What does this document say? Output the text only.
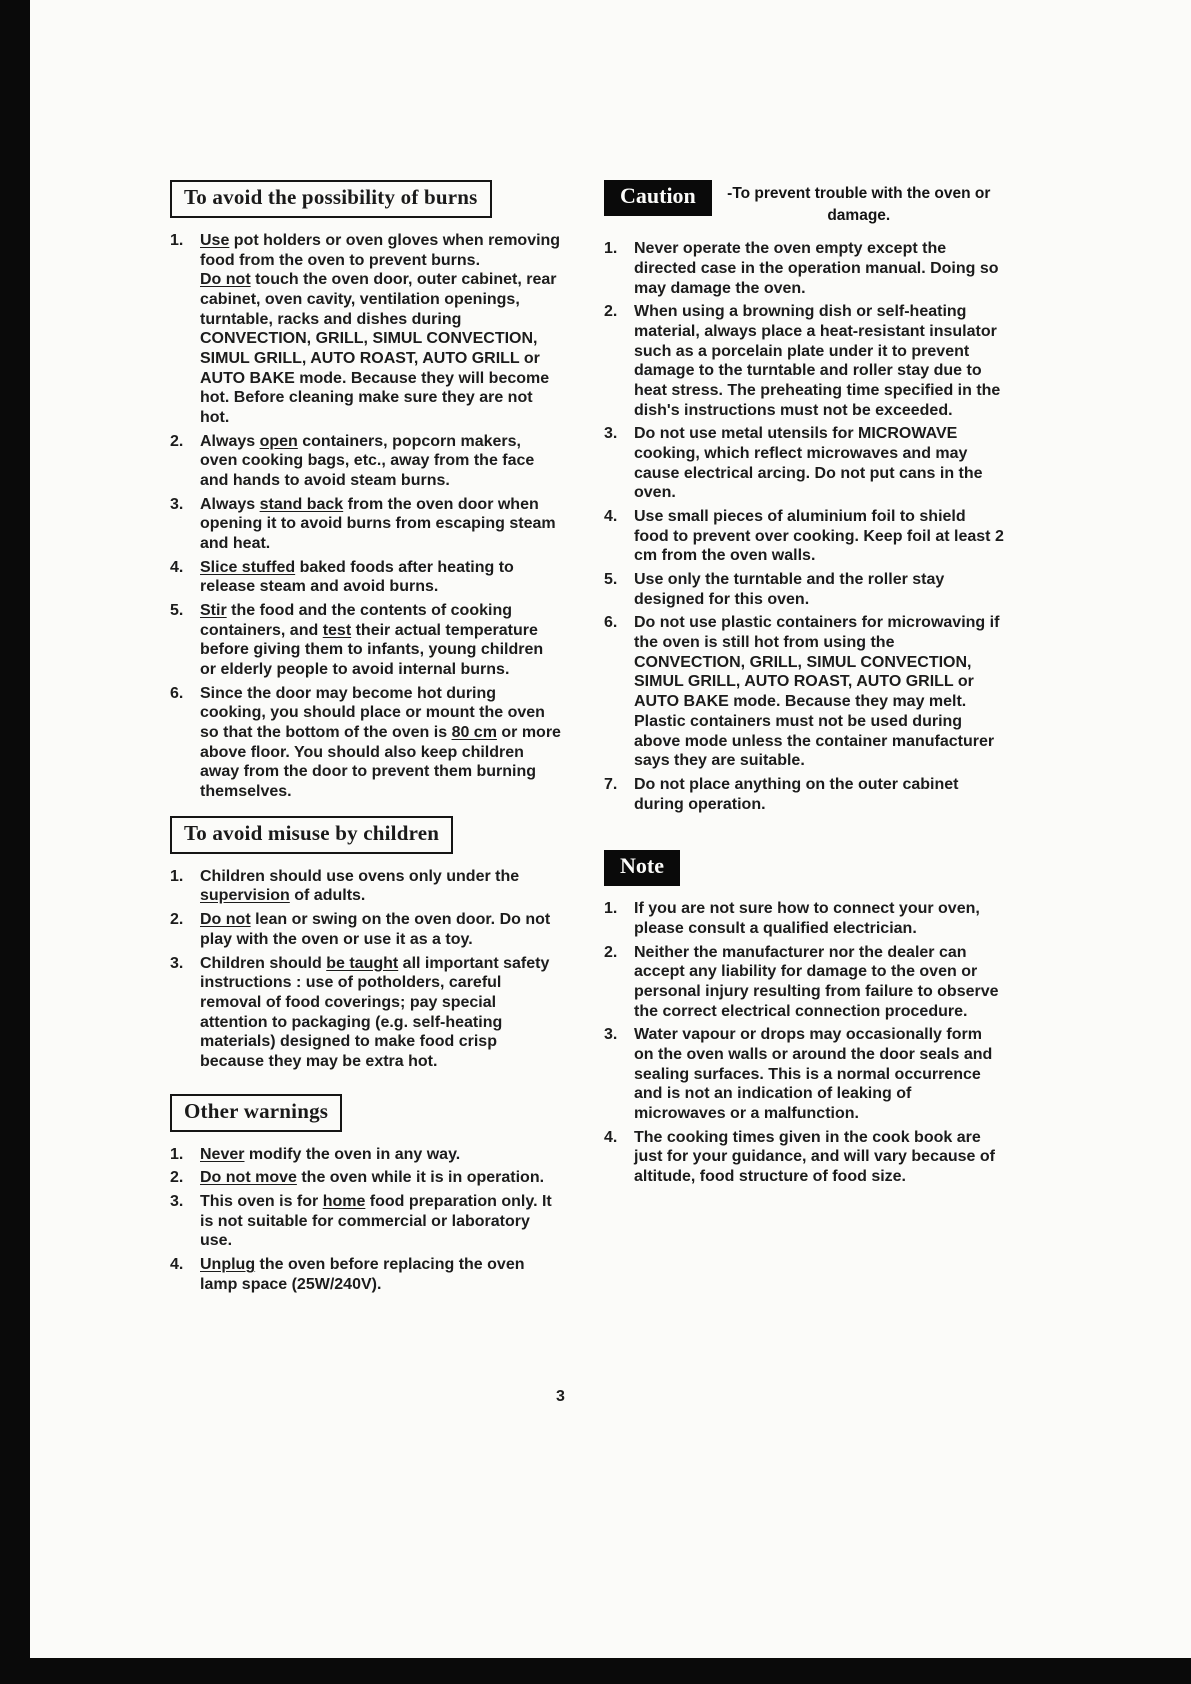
To avoid the possibility of burns
1.	Use pot holders or oven gloves when removing food from the oven to prevent burns.
Do not touch the oven door, outer cabinet, rear cabinet, oven cavity, ventilation openings, turntable, racks and dishes during CONVECTION, GRILL, SIMUL CONVECTION, SIMUL GRILL, AUTO ROAST, AUTO GRILL or AUTO BAKE mode. Because they will become hot. Before cleaning make sure they are not hot.
2.	Always open containers, popcorn makers, oven cooking bags, etc., away from the face and hands to avoid steam burns.
3.	Always stand back from the oven door when opening it to avoid burns from escaping steam and heat.
4.	Slice stuffed baked foods after heating to release steam and avoid burns.
5.	Stir the food and the contents of cooking containers, and test their actual temperature before giving them to infants, young children or elderly people to avoid internal burns.
6.	Since the door may become hot during cooking, you should place or mount the oven so that the bottom of the oven is 80 cm or more above floor. You should also keep children away from the door to prevent them burning themselves.
To avoid misuse by children
1.	Children should use ovens only under the supervision of adults.
2.	Do not lean or swing on the oven door. Do not play with the oven or use it as a toy.
3.	Children should be taught all important safety instructions : use of potholders, careful removal of food coverings; pay special attention to packaging (e.g. self-heating materials) designed to make food crisp because they may be extra hot.
Other warnings
1.	Never modify the oven in any way.
2.	Do not move the oven while it is in operation.
3.	This oven is for home food preparation only. It is not suitable for commercial or laboratory use.
4.	Unplug the oven before replacing the oven lamp space (25W/240V).
Caution	-To prevent trouble with the oven or damage.
1.	Never operate the oven empty except the directed case in the operation manual. Doing so may damage the oven.
2.	When using a browning dish or self-heating material, always place a heat-resistant insulator such as a porcelain plate under it to prevent damage to the turntable and roller stay due to heat stress. The preheating time specified in the dish's instructions must not be exceeded.
3.	Do not use metal utensils for MICROWAVE cooking, which reflect microwaves and may cause electrical arcing. Do not put cans in the oven.
4.	Use small pieces of aluminium foil to shield food to prevent over cooking. Keep foil at least 2 cm from the oven walls.
5.	Use only the turntable and the roller stay designed for this oven.
6.	Do not use plastic containers for microwaving if the oven is still hot from using the CONVECTION, GRILL, SIMUL CONVECTION, SIMUL GRILL, AUTO ROAST, AUTO GRILL or AUTO BAKE mode. Because they may melt. Plastic containers must not be used during above mode unless the container manufacturer says they are suitable.
7.	Do not place anything on the outer cabinet during operation.
Note
1.	If you are not sure how to connect your oven, please consult a qualified electrician.
2.	Neither the manufacturer nor the dealer can accept any liability for damage to the oven or personal injury resulting from failure to observe the correct electrical connection procedure.
3.	Water vapour or drops may occasionally form on the oven walls or around the door seals and sealing surfaces. This is a normal occurrence and is not an indication of leaking of microwaves or a malfunction.
4.	The cooking times given in the cook book are just for your guidance, and will vary because of altitude, food structure of food size.
3
